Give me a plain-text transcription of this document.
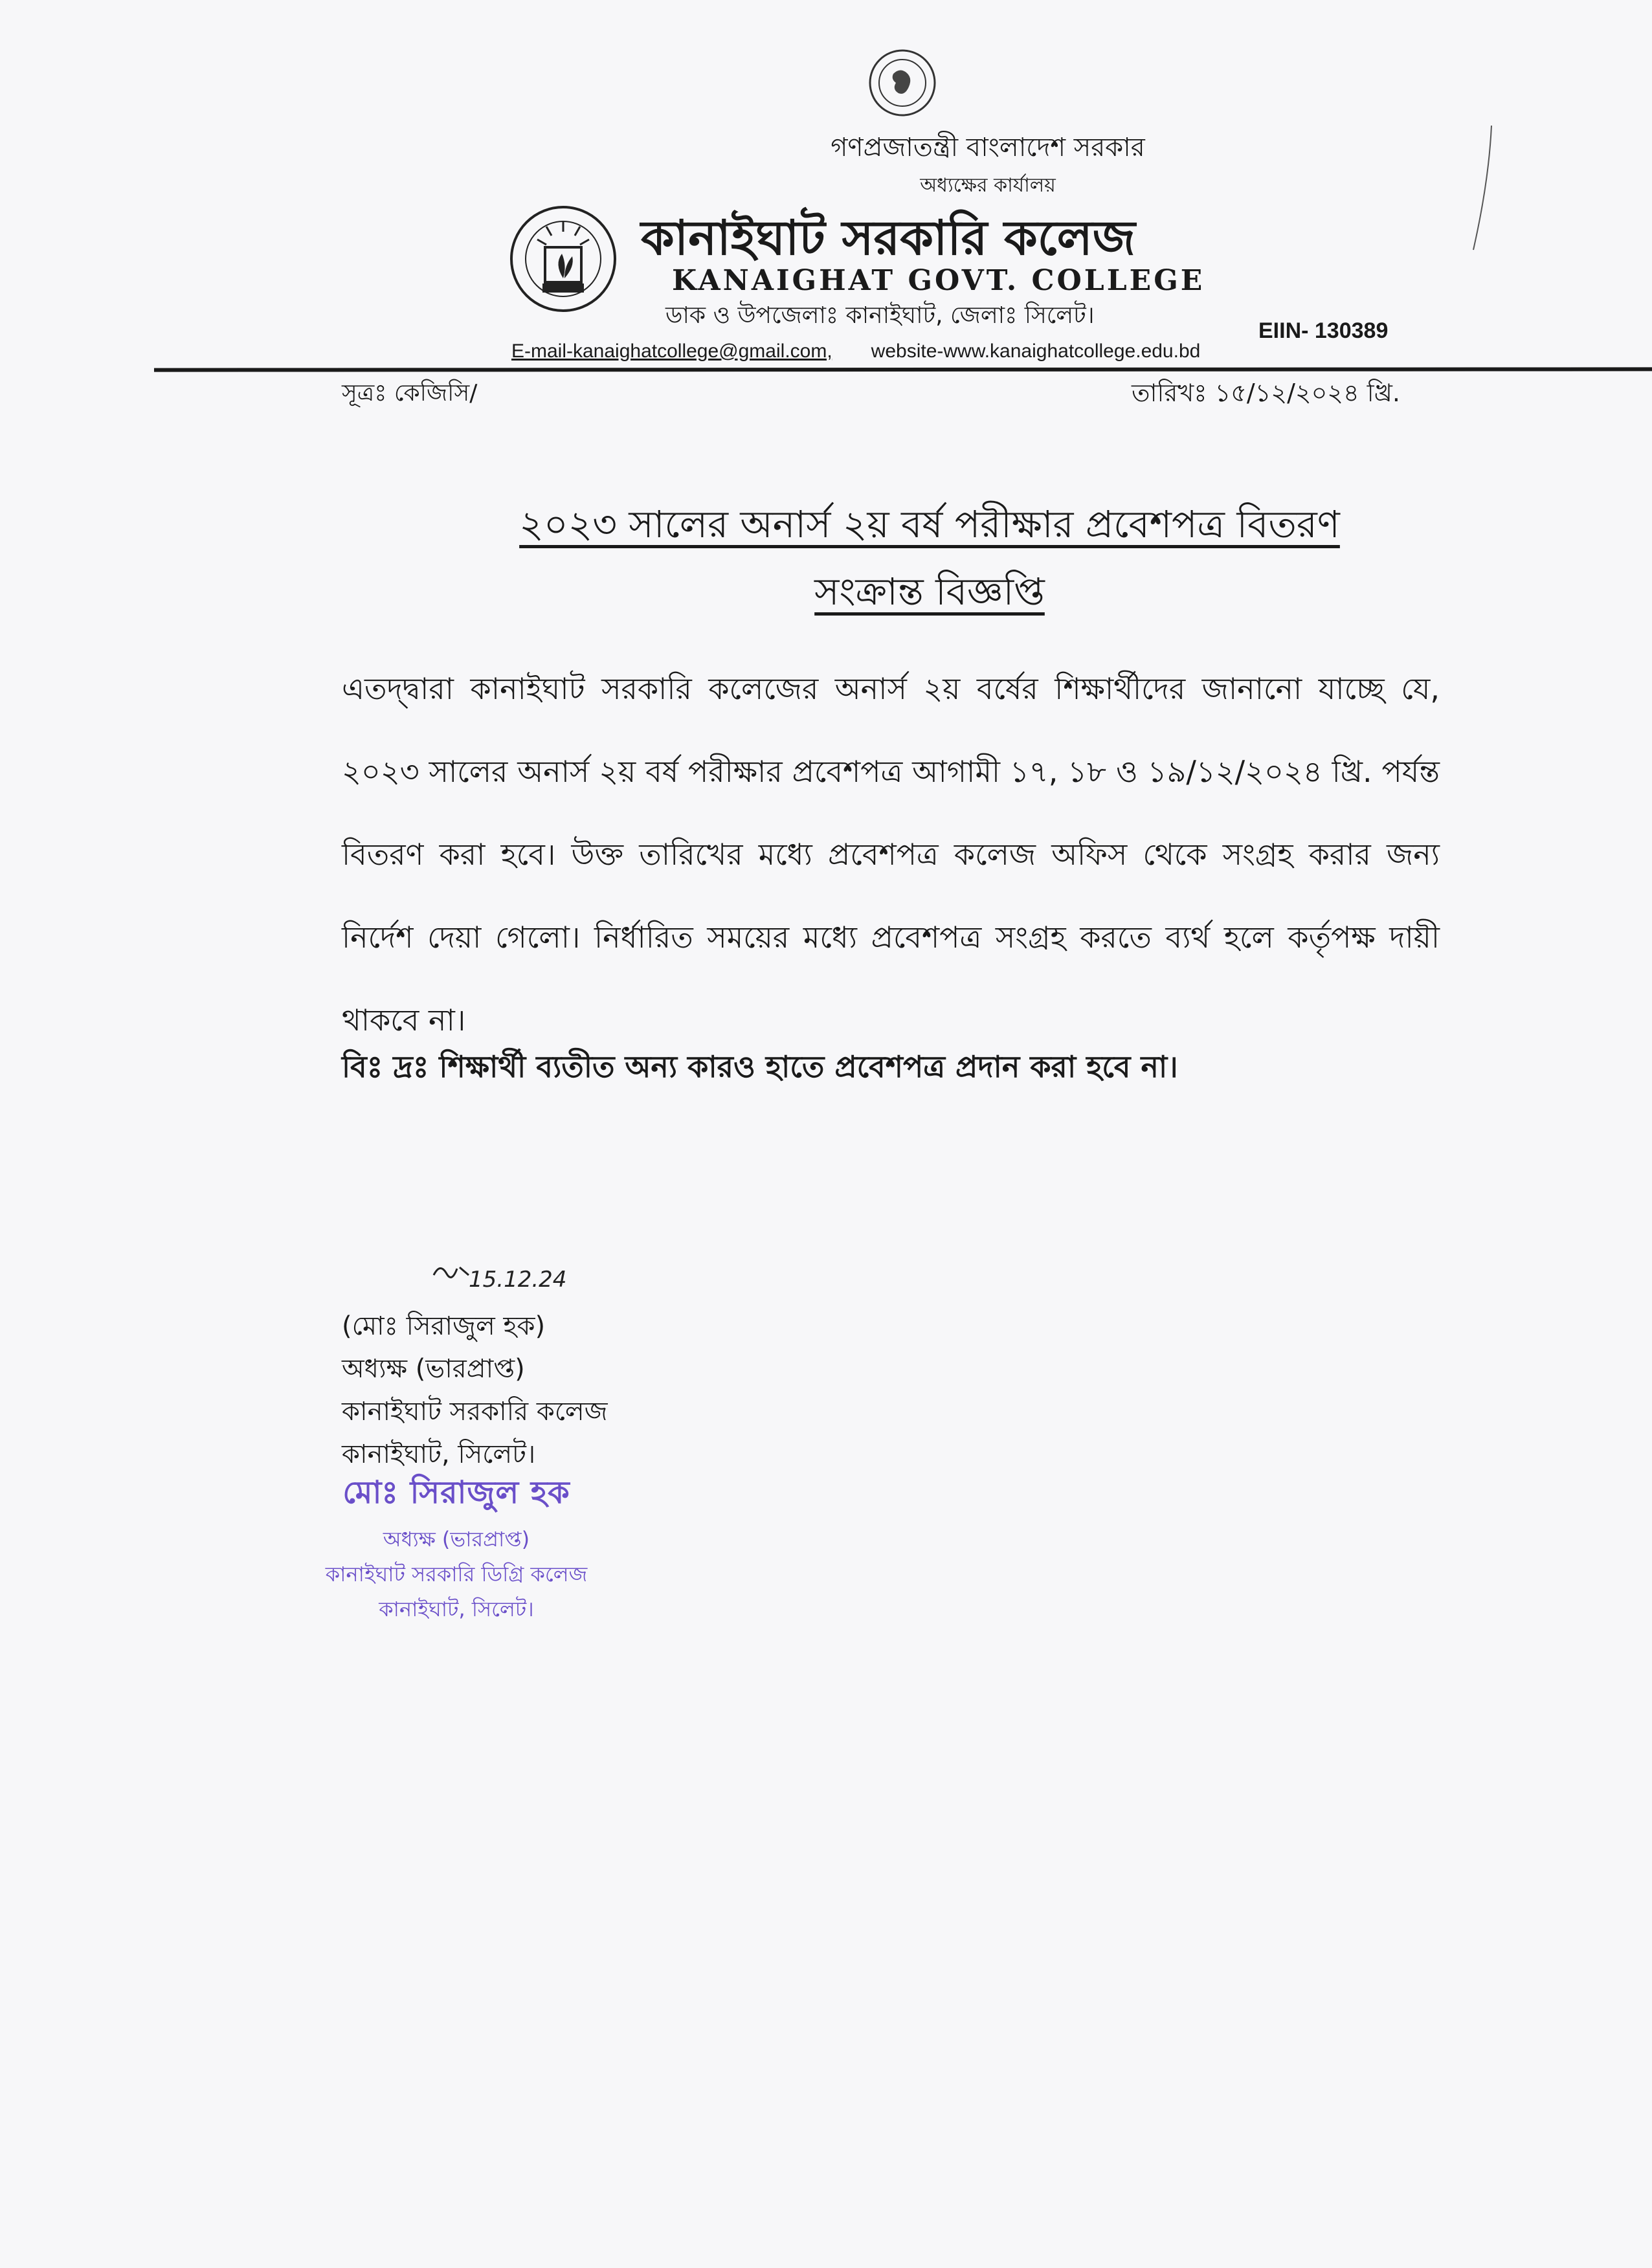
গণপ্রজাতন্ত্রী বাংলাদেশ সরকার
অধ্যক্ষের কার্যালয়
কানাইঘাট সরকারি কলেজ
KANAIGHAT GOVT. COLLEGE
ডাক ও উপজেলাঃ কানাইঘাট, জেলাঃ সিলেট।
EIIN- 130389
E-mail-kanaighatcollege@gmail.com, website-www.kanaighatcollege.edu.bd
সূত্রঃ কেজিসি/	তারিখঃ ১৫/১২/২০২৪ খ্রি.
২০২৩ সালের অনার্স ২য় বর্ষ পরীক্ষার প্রবেশপত্র বিতরণ
সংক্রান্ত বিজ্ঞপ্তি
এতদ্দ্বারা কানাইঘাট সরকারি কলেজের অনার্স ২য় বর্ষের শিক্ষার্থীদের জানানো যাচ্ছে যে, ২০২৩ সালের অনার্স ২য় বর্ষ পরীক্ষার প্রবেশপত্র আগামী ১৭, ১৮ ও ১৯/১২/২০২৪ খ্রি. পর্যন্ত বিতরণ করা হবে। উক্ত তারিখের মধ্যে প্রবেশপত্র কলেজ অফিস থেকে সংগ্রহ করার জন্য নির্দেশ দেয়া গেলো। নির্ধারিত সময়ের মধ্যে প্রবেশপত্র সংগ্রহ করতে ব্যর্থ হলে কর্তৃপক্ষ দায়ী থাকবে না।
বিঃ দ্রঃ শিক্ষার্থী ব্যতীত অন্য কারও হাতে প্রবেশপত্র প্রদান করা হবে না।
15.12.24
(মোঃ সিরাজুল হক)
অধ্যক্ষ (ভারপ্রাপ্ত)
কানাইঘাট সরকারি কলেজ
কানাইঘাট, সিলেট।
মোঃ সিরাজুল হক
অধ্যক্ষ (ভারপ্রাপ্ত)
কানাইঘাট সরকারি ডিগ্রি কলেজ
কানাইঘাট, সিলেট।
